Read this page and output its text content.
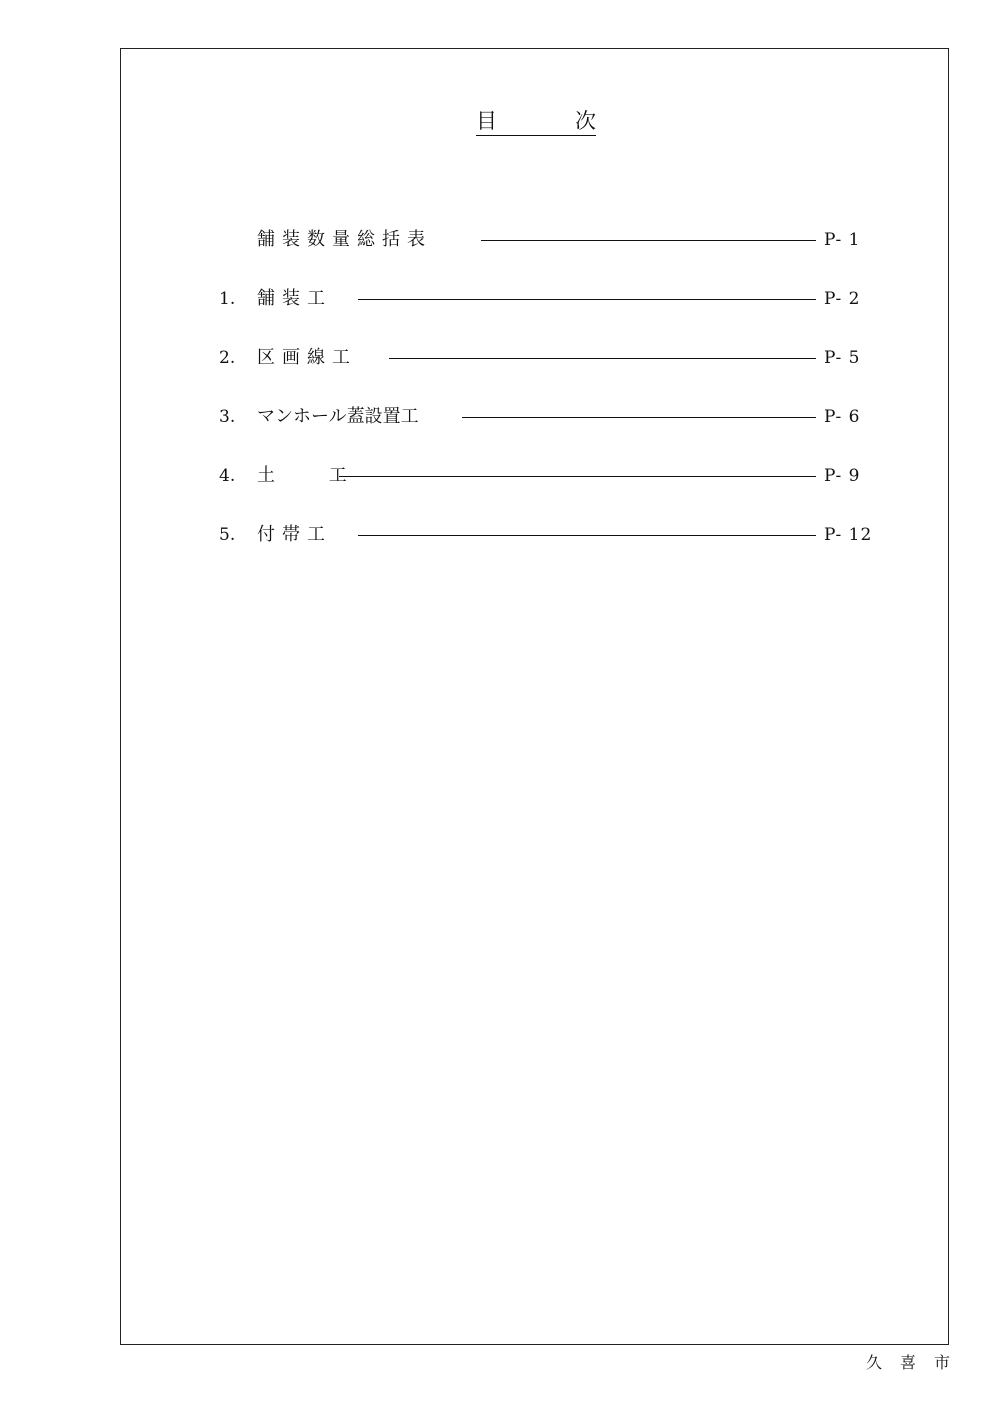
目	次
舗装数量総括表	P- 1
1. 舗装工	P- 2
2. 区画線工	P- 5
3. マンホール蓋設置工	P- 6
4. 土 工	P- 9
5. 付帯工	P- 12
久喜市
